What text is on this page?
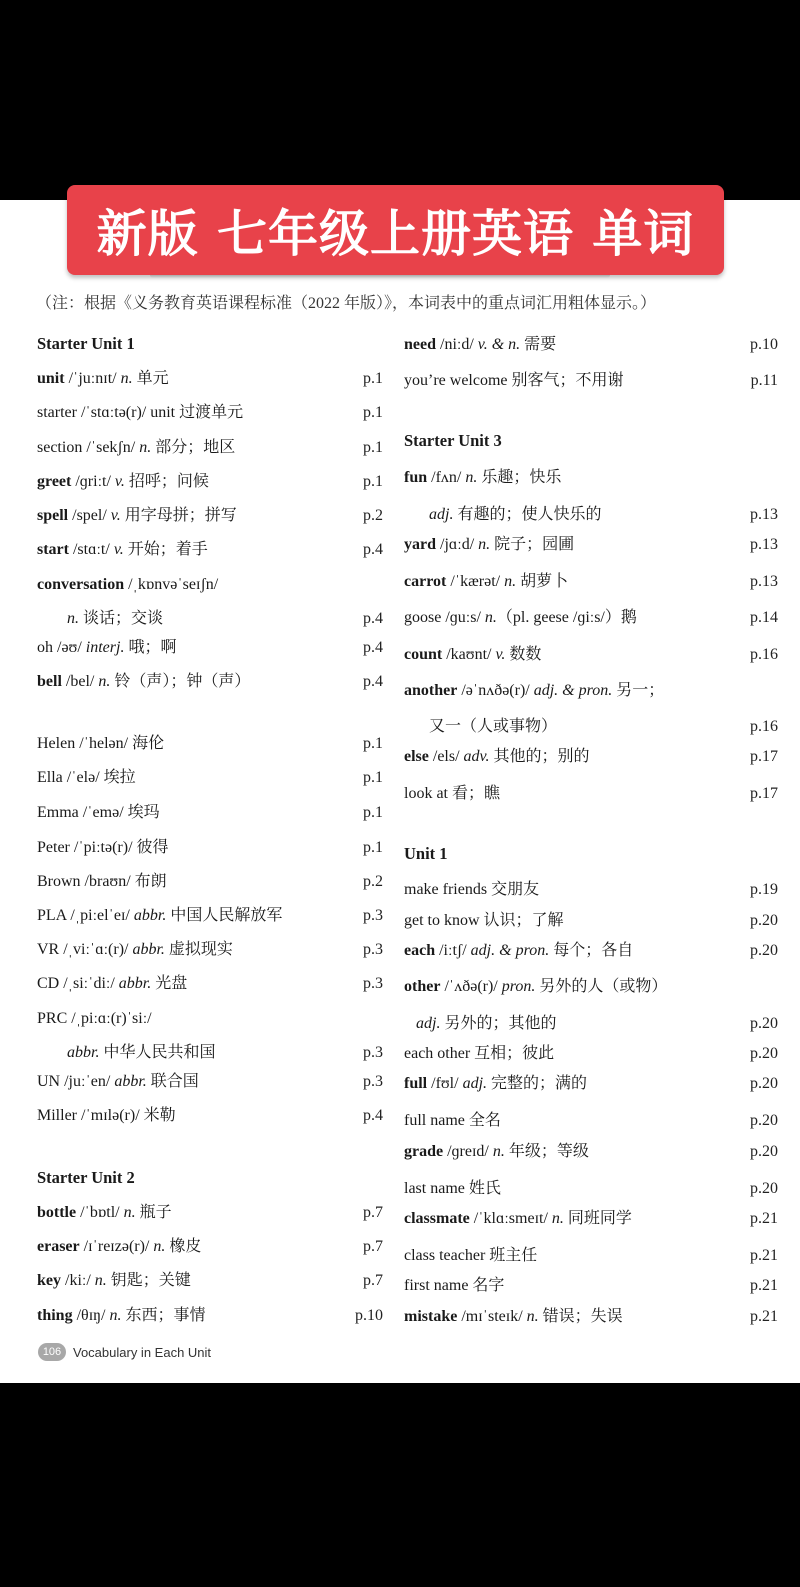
新版 七年级上册英语 单词
（注：根据《义务教育英语课程标准（2022 年版）》，本词表中的重点词汇用粗体显示。）
Starter Unit 1
unit /ˈjuːnɪt/ n. 单元	p.1
starter /ˈstɑːtə(r)/ unit 过渡单元	p.1
section /ˈsekʃn/ n. 部分；地区	p.1
greet /ɡriːt/ v. 招呼；问候	p.1
spell /spel/ v. 用字母拼；拼写	p.2
start /stɑːt/ v. 开始；着手	p.4
conversation /ˌkɒnvəˈseɪʃn/
n. 谈话；交谈	p.4
oh /əʊ/ interj. 哦；啊	p.4
bell /bel/ n. 铃（声）；钟（声）	p.4
Helen /ˈhelən/ 海伦	p.1
Ella /ˈelə/ 埃拉	p.1
Emma /ˈemə/ 埃玛	p.1
Peter /ˈpiːtə(r)/ 彼得	p.1
Brown /braʊn/ 布朗	p.2
PLA /ˌpiːelˈeɪ/ abbr. 中国人民解放军	p.3
VR /ˌviːˈɑː(r)/ abbr. 虚拟现实	p.3
CD /ˌsiːˈdiː/ abbr. 光盘	p.3
PRC /ˌpiːɑː(r)ˈsiː/
abbr. 中华人民共和国	p.3
UN /juːˈen/ abbr. 联合国	p.3
Miller /ˈmɪlə(r)/ 米勒	p.4
Starter Unit 2
bottle /ˈbɒtl/ n. 瓶子	p.7
eraser /ɪˈreɪzə(r)/ n. 橡皮	p.7
key /kiː/ n. 钥匙；关键	p.7
thing /θɪŋ/ n. 东西；事情	p.10
need /niːd/ v. & n. 需要	p.10
you’re welcome 别客气；不用谢	p.11
Starter Unit 3
fun /fʌn/ n. 乐趣；快乐
adj. 有趣的；使人快乐的	p.13
yard /jɑːd/ n. 院子；园圃	p.13
carrot /ˈkærət/ n. 胡萝卜	p.13
goose /ɡuːs/ n.（pl. geese /ɡiːs/）鹅	p.14
count /kaʊnt/ v. 数数	p.16
another /əˈnʌðə(r)/ adj. & pron. 另一；
又一（人或事物）	p.16
else /els/ adv. 其他的；别的	p.17
look at 看；瞧	p.17
Unit 1
make friends 交朋友	p.19
get to know 认识；了解	p.20
each /iːtʃ/ adj. & pron. 每个；各自	p.20
other /ˈʌðə(r)/ pron. 另外的人（或物）
adj. 另外的；其他的	p.20
each other 互相；彼此	p.20
full /fʊl/ adj. 完整的；满的	p.20
full name 全名	p.20
grade /ɡreɪd/ n. 年级；等级	p.20
last name 姓氏	p.20
classmate /ˈklɑːsmeɪt/ n. 同班同学	p.21
class teacher 班主任	p.21
first name 名字	p.21
mistake /mɪˈsteɪk/ n. 错误；失误	p.21
106 Vocabulary in Each Unit
